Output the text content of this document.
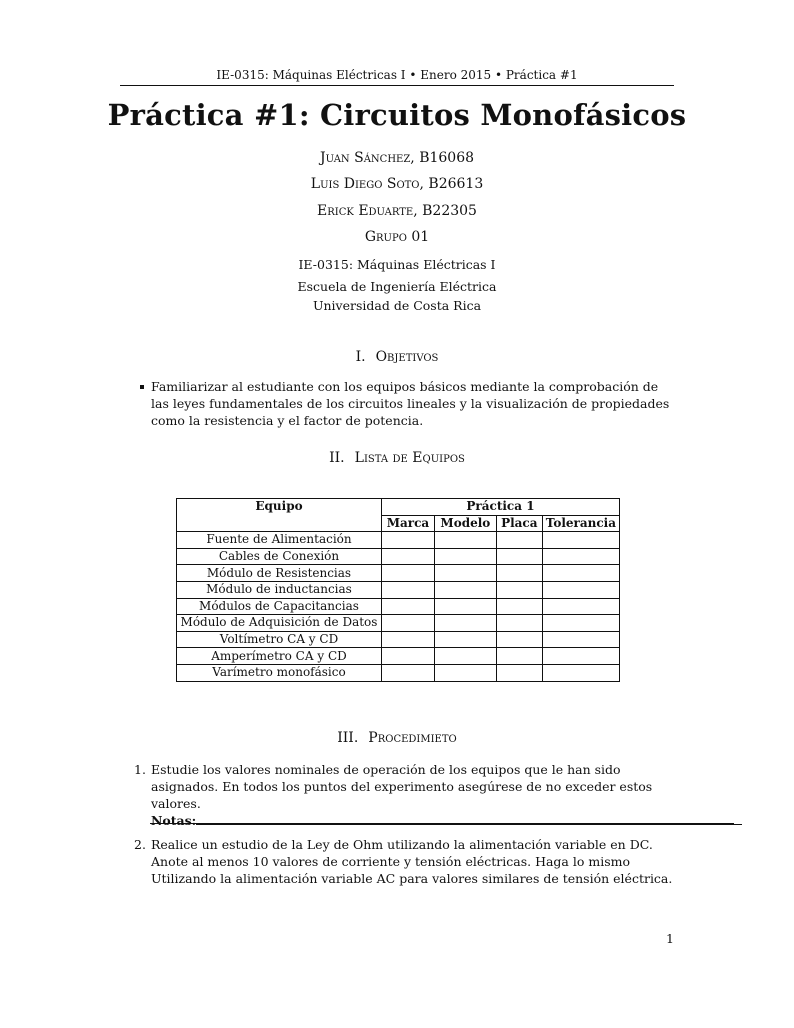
IE-0315: Máquinas Eléctricas I • Enero 2015 • Práctica #1
Práctica #1: Circuitos Monofásicos
Juan Sánchez, B16068
Luis Diego Soto, B26613
Erick Eduarte, B22305
Grupo 01
IE-0315: Máquinas Eléctricas I
Escuela de Ingeniería Eléctrica
Universidad de Costa Rica
I. Objetivos
Familiarizar al estudiante con los equipos básicos mediante la comprobación de las leyes fundamentales de los circuitos lineales y la visualización de propiedades como la resistencia y el factor de potencia.
II. Lista de Equipos
Equipo	Práctica 1			
	Marca	Modelo	Placa	Tolerancia
Fuente de Alimentación				
Cables de Conexión				
Módulo de Resistencias				
Módulo de inductancias				
Módulos de Capacitancias				
Módulo de Adquisición de Datos				
Voltímetro CA y CD				
Amperímetro CA y CD				
Varímetro monofásico				
III. Procedimieto
1. Estudie los valores nominales de operación de los equipos que le han sido asignados. En todos los puntos del experimento asegúrese de no exceder estos valores.
Notas:
2. Realice un estudio de la Ley de Ohm utilizando la alimentación variable en DC. Anote al menos 10 valores de corriente y tensión eléctricas. Haga lo mismo Utilizando la alimentación variable AC para valores similares de tensión eléctrica.
1
